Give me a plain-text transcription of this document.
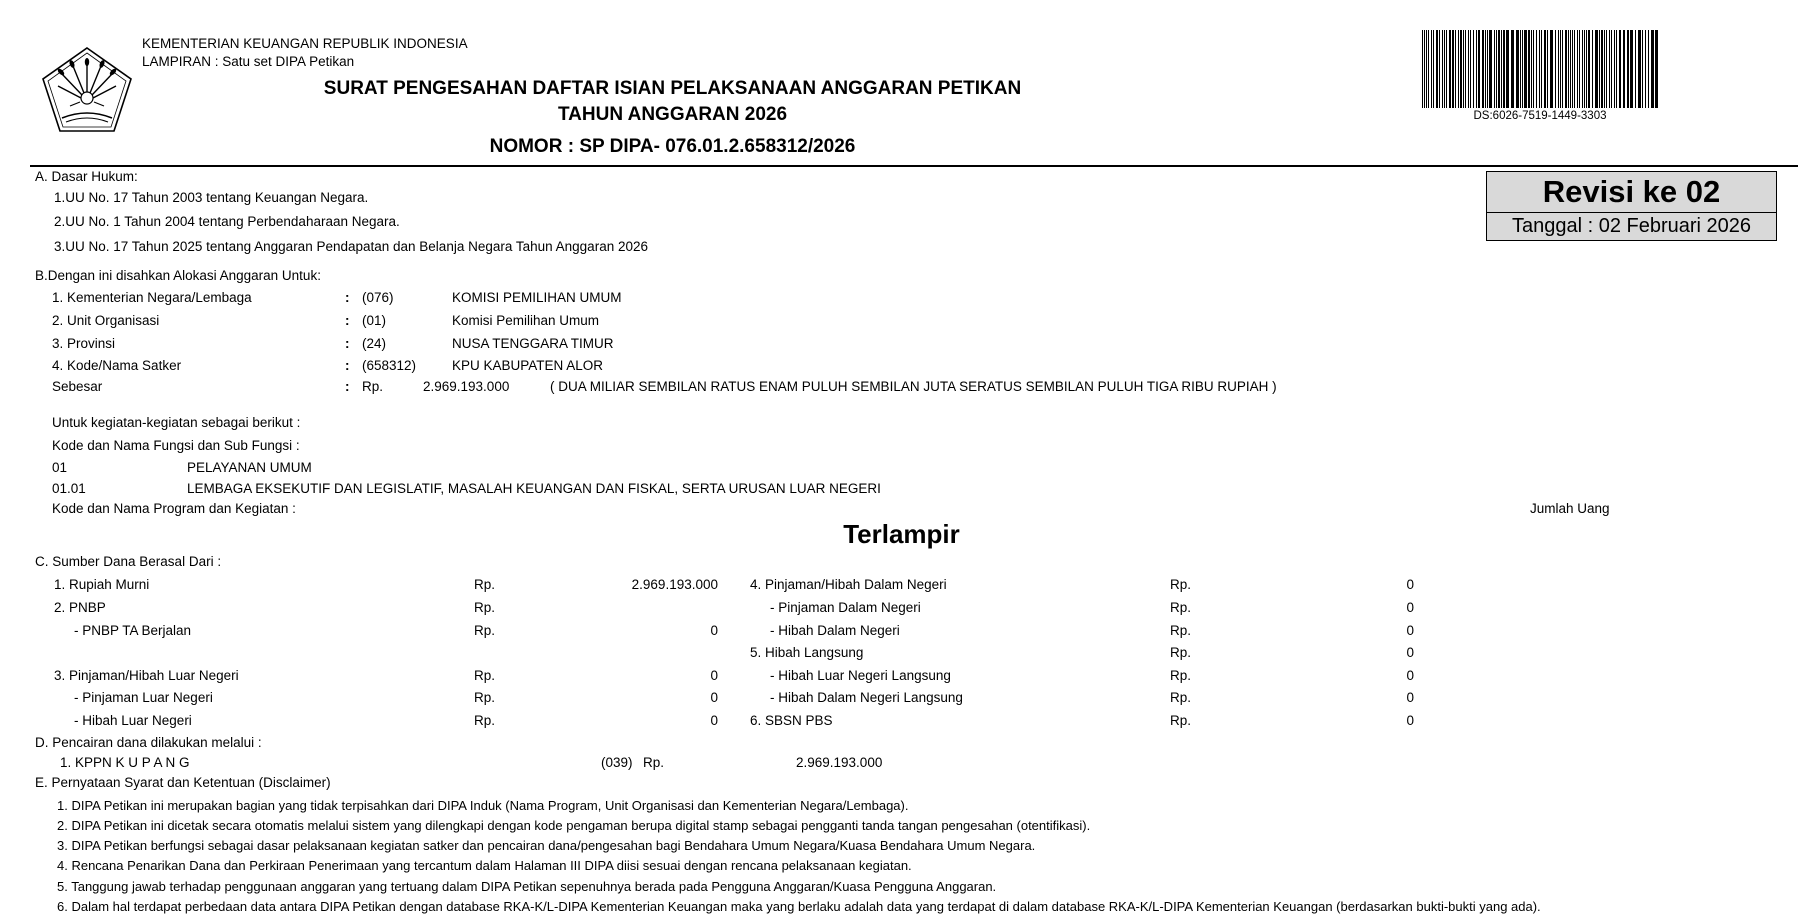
KEMENTERIAN KEUANGAN REPUBLIK INDONESIA
LAMPIRAN : Satu set DIPA Petikan
SURAT PENGESAHAN DAFTAR ISIAN PELAKSANAAN ANGGARAN PETIKAN
TAHUN ANGGARAN 2026
NOMOR : SP DIPA- 076.01.2.658312/2026
DS:6026-7519-1449-3303
Revisi ke 02
Tanggal : 02 Februari 2026
A. Dasar Hukum:
1.UU No. 17 Tahun 2003 tentang Keuangan Negara.
2.UU No. 1 Tahun 2004 tentang Perbendaharaan Negara.
3.UU No. 17 Tahun 2025 tentang Anggaran Pendapatan dan Belanja Negara Tahun Anggaran 2026
B.Dengan ini disahkan Alokasi Anggaran Untuk:
1. Kementerian Negara/Lembaga	: (076)	KOMISI PEMILIHAN UMUM
2. Unit Organisasi	: (01)	Komisi Pemilihan Umum
3. Provinsi	: (24)	NUSA TENGGARA TIMUR
4. Kode/Nama Satker	: (658312)	KPU KABUPATEN ALOR
Sebesar	: Rp.	2.969.193.000	( DUA MILIAR SEMBILAN RATUS ENAM PULUH SEMBILAN JUTA SERATUS SEMBILAN PULUH TIGA RIBU RUPIAH )
Untuk kegiatan-kegiatan sebagai berikut :
Kode dan Nama Fungsi dan Sub Fungsi :
01	PELAYANAN UMUM
01.01	LEMBAGA EKSEKUTIF DAN LEGISLATIF, MASALAH KEUANGAN DAN FISKAL, SERTA URUSAN LUAR NEGERI
Kode dan Nama Program dan Kegiatan :	Jumlah Uang
Terlampir
C. Sumber Dana Berasal Dari :
1. Rupiah Murni	Rp.	2.969.193.000
2. PNBP	Rp.
- PNBP TA Berjalan	Rp.	0
3. Pinjaman/Hibah Luar Negeri	Rp.	0
- Pinjaman Luar Negeri	Rp.	0
- Hibah Luar Negeri	Rp.	0
4. Pinjaman/Hibah Dalam Negeri	Rp.	0
- Pinjaman Dalam Negeri	Rp.	0
- Hibah Dalam Negeri	Rp.	0
5. Hibah Langsung	Rp.	0
- Hibah Luar Negeri Langsung	Rp.	0
- Hibah Dalam Negeri Langsung	Rp.	0
6. SBSN PBS	Rp.	0
D. Pencairan dana dilakukan melalui :
1. KPPN K U P A N G	(039) Rp.	2.969.193.000
E. Pernyataan Syarat dan Ketentuan (Disclaimer)
1. DIPA Petikan ini merupakan bagian yang tidak terpisahkan dari DIPA Induk (Nama Program, Unit Organisasi dan Kementerian Negara/Lembaga).
2. DIPA Petikan ini dicetak secara otomatis melalui sistem yang dilengkapi dengan kode pengaman berupa digital stamp sebagai pengganti tanda tangan pengesahan (otentifikasi).
3. DIPA Petikan berfungsi sebagai dasar pelaksanaan kegiatan satker dan pencairan dana/pengesahan bagi Bendahara Umum Negara/Kuasa Bendahara Umum Negara.
4. Rencana Penarikan Dana dan Perkiraan Penerimaan yang tercantum dalam Halaman III DIPA diisi sesuai dengan rencana pelaksanaan kegiatan.
5. Tanggung jawab terhadap penggunaan anggaran yang tertuang dalam DIPA Petikan sepenuhnya berada pada Pengguna Anggaran/Kuasa Pengguna Anggaran.
6. Dalam hal terdapat perbedaan data antara DIPA Petikan dengan database RKA-K/L-DIPA Kementerian Keuangan maka yang berlaku adalah data yang terdapat di dalam database RKA-K/L-DIPA Kementerian Keuangan (berdasarkan bukti-bukti yang ada).
